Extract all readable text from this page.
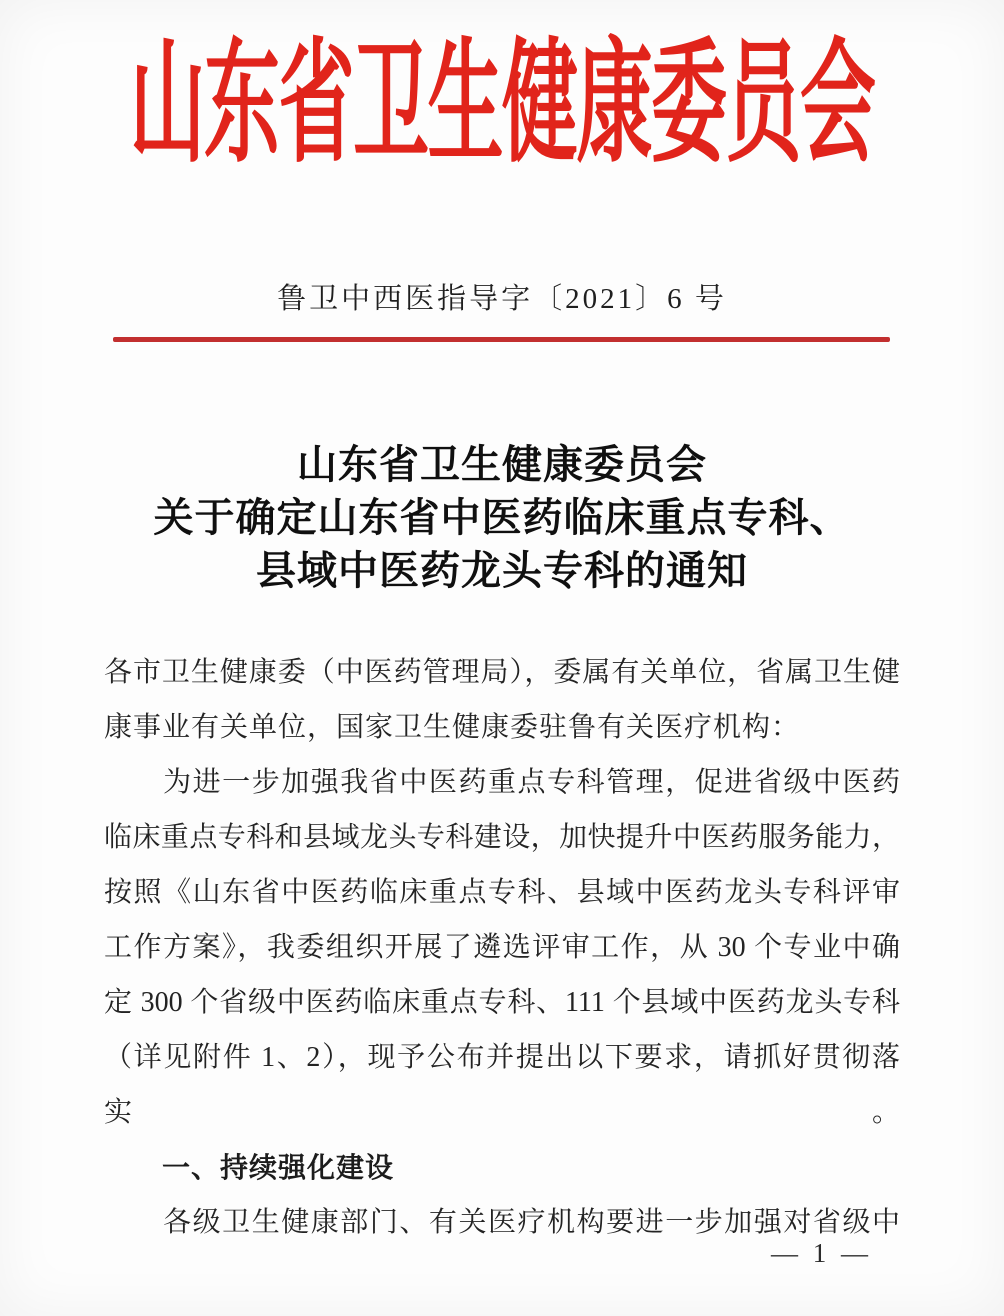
山东省卫生健康委员会
鲁卫中西医指导字〔2021〕6 号
山东省卫生健康委员会
关于确定山东省中医药临床重点专科、
县域中医药龙头专科的通知
各市卫生健康委（中医药管理局），委属有关单位，省属卫生健
康事业有关单位，国家卫生健康委驻鲁有关医疗机构：
　　为进一步加强我省中医药重点专科管理，促进省级中医药
临床重点专科和县域龙头专科建设，加快提升中医药服务能力，
按照《山东省中医药临床重点专科、县域中医药龙头专科评审
工作方案》，我委组织开展了遴选评审工作，从 30 个专业中确
定 300 个省级中医药临床重点专科、111 个县域中医药龙头专科
（详见附件 1、2），现予公布并提出以下要求，请抓好贯彻落实。
　　一、持续强化建设
　　各级卫生健康部门、有关医疗机构要进一步加强对省级中
— 1 —
